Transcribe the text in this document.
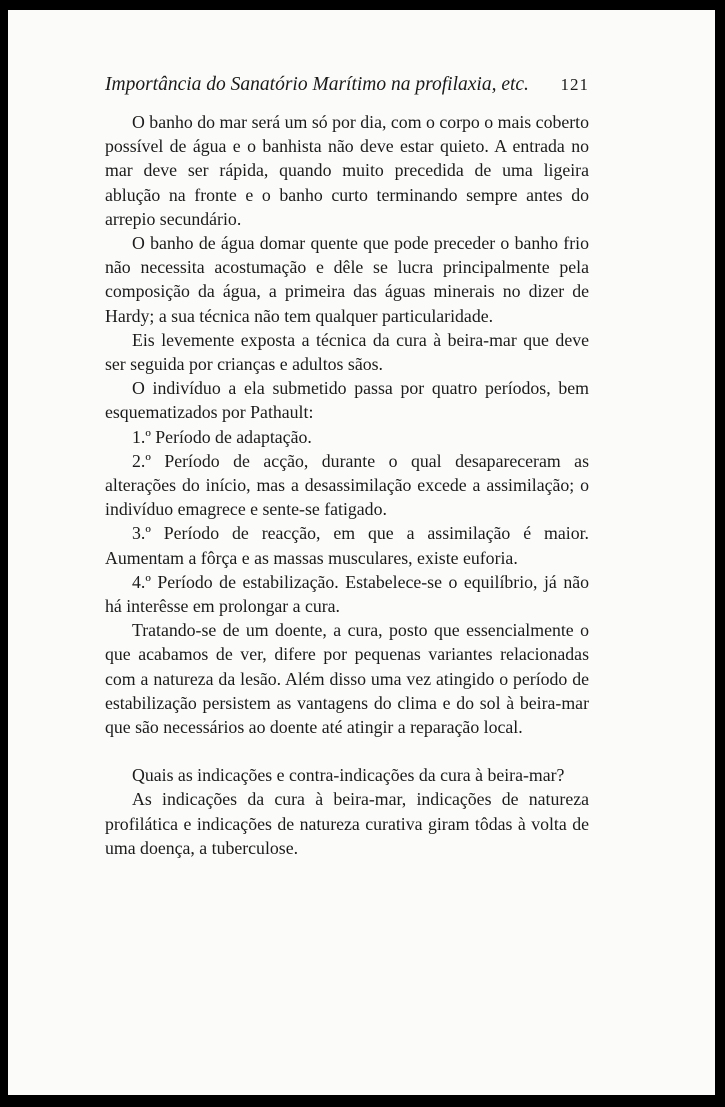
Importância do Sanatório Marítimo na profilaxia, etc. 121

O banho do mar será um só por dia, com o corpo o mais coberto possível de água e o banhista não deve estar quieto. A entrada no mar deve ser rápida, quando muito precedida de uma ligeira ablução na fronte e o banho curto terminando sempre antes do arrepio secundário.

O banho de água domar quente que pode preceder o banho frio não necessita acostumação e dêle se lucra principalmente pela composição da água, a primeira das águas minerais no dizer de Hardy; a sua técnica não tem qualquer particularidade.

Eis levemente exposta a técnica da cura à beira-mar que deve ser seguida por crianças e adultos sãos.

O indivíduo a ela submetido passa por quatro períodos, bem esquematizados por Pathault:

1.º Período de adaptação.

2.º Período de acção, durante o qual desapareceram as alterações do início, mas a desassimilação excede a assimilação; o indivíduo emagrece e sente-se fatigado.

3.º Período de reacção, em que a assimilação é maior. Aumentam a fôrça e as massas musculares, existe euforia.

4.º Período de estabilização. Estabelece-se o equilíbrio, já não há interêsse em prolongar a cura.

Tratando-se de um doente, a cura, posto que essencialmente o que acabamos de ver, difere por pequenas variantes relacionadas com a natureza da lesão. Além disso uma vez atingido o período de estabilização persistem as vantagens do clima e do sol à beira-mar que são necessários ao doente até atingir a reparação local.

Quais as indicações e contra-indicações da cura à beira-mar?

As indicações da cura à beira-mar, indicações de natureza profilática e indicações de natureza curativa giram tôdas à volta de uma doença, a tuberculose.
